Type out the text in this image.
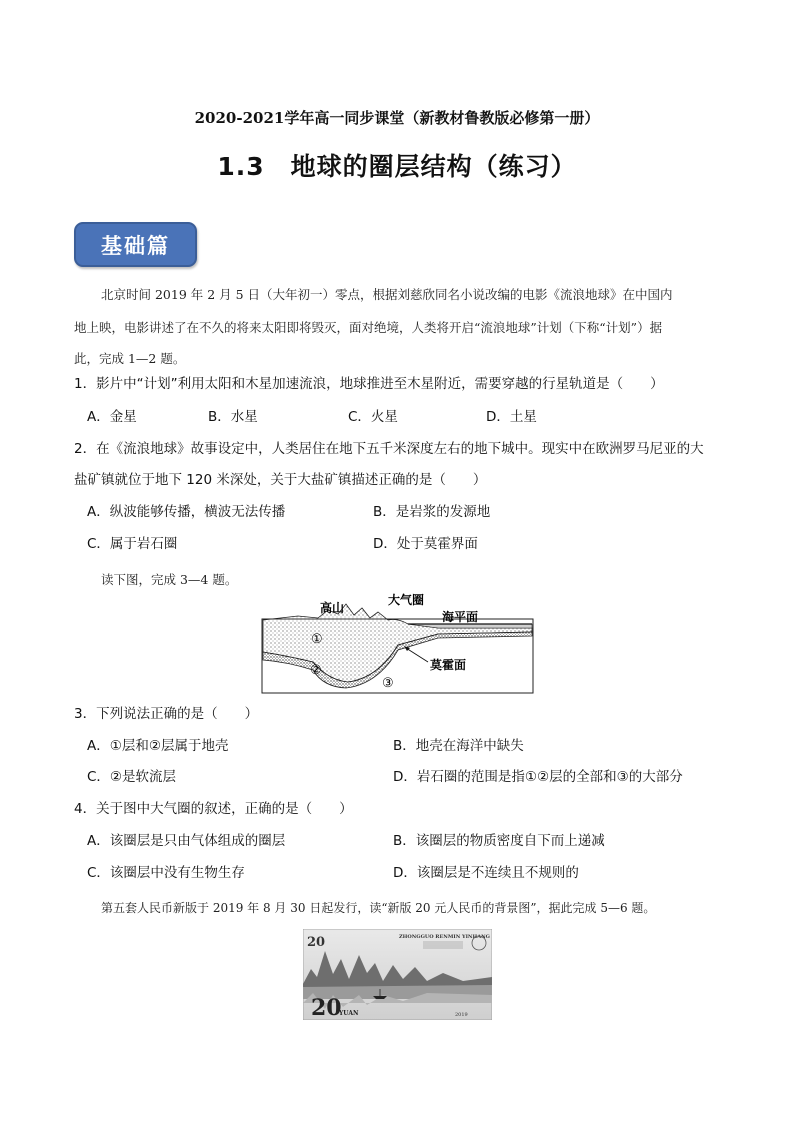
2020-2021学年高一同步课堂（新教材鲁教版必修第一册）
1.3　地球的圈层结构（练习）
基础篇
北京时间 2019 年 2 月 5 日（大年初一）零点，根据刘慈欣同名小说改编的电影《流浪地球》在中国内
地上映，电影讲述了在不久的将来太阳即将毁灭，面对绝境，人类将开启“流浪地球”计划（下称“计划”）据
此，完成 1—2 题。
1．影片中“计划”利用太阳和木星加速流浪，地球推进至木星附近，需要穿越的行星轨道是（　　）
A．金星	B．水星	C．火星	D．土星
2．在《流浪地球》故事设定中，人类居住在地下五千米深度左右的地下城中。现实中在欧洲罗马尼亚的大
盐矿镇就位于地下 120 米深处，关于大盐矿镇描述正确的是（　　）
A．纵波能够传播，横波无法传播	B．是岩浆的发源地
C．属于岩石圈	D．处于莫霍界面
读下图，完成 3—4 题。
高山
大气圈
海平面
莫霍面
①
②
③
3．下列说法正确的是（　　）
A．①层和②层属于地壳	B．地壳在海洋中缺失
C．②是软流层	D．岩石圈的范围是指①②层的全部和③的大部分
4．关于图中大气圈的叙述，正确的是（　　）
A．该圈层是只由气体组成的圈层	B．该圈层的物质密度自下而上递减
C．该圈层中没有生物生存	D．该圈层是不连续且不规则的
第五套人民币新版于 2019 年 8 月 30 日起发行，读“新版 20 元人民币的背景图”，据此完成 5—6 题。
20
20
YUAN
ZHONGGUO RENMIN YINHANG
2019
